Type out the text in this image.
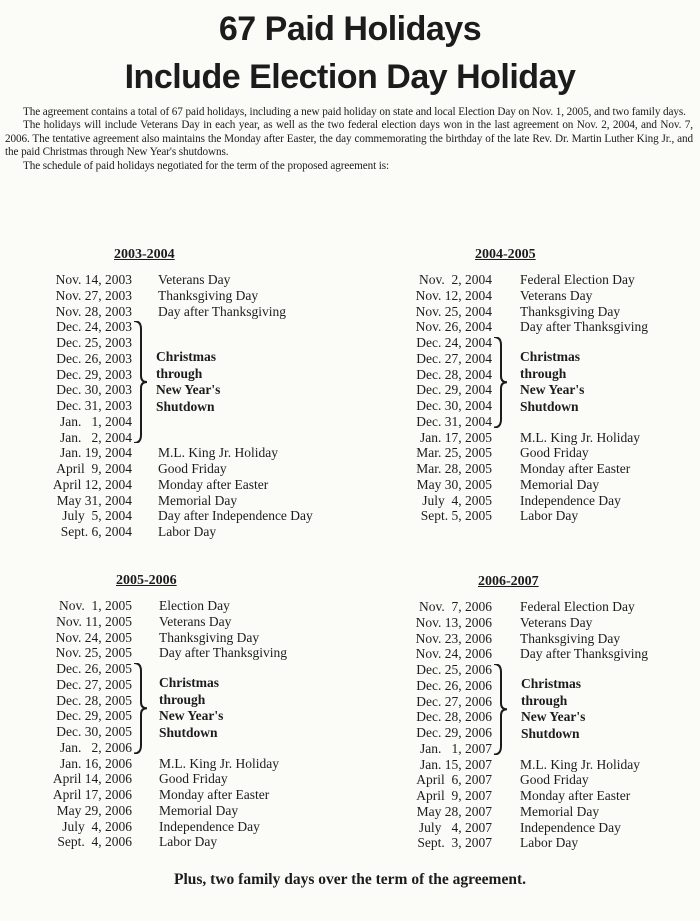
67 Paid Holidays
Include Election Day Holiday

The agreement contains a total of 67 paid holidays, including a new paid holiday on state and local Election Day on Nov. 1, 2005, and two family days.

The holidays will include Veterans Day in each year, as well as the two federal election days won in the last agreement on Nov. 2, 2004, and Nov. 7, 2006. The tentative agreement also maintains the Monday after Easter, the day commemorating the birthday of the late Rev. Dr. Martin Luther King Jr., and the paid Christmas through New Year's shutdowns.

The schedule of paid holidays negotiated for the term of the proposed agreement is:

2003-2004
Nov. 14, 2003 Veterans Day
Nov. 27, 2003 Thanksgiving Day
Nov. 28, 2003 Day after Thanksgiving
Dec. 24, 2003
Dec. 25, 2003
Dec. 26, 2003
Dec. 29, 2003
Dec. 30, 2003
Dec. 31, 2003
Jan.   1, 2004
Jan.   2, 2004
Jan. 19, 2004 M.L. King Jr. Holiday
April  9, 2004 Good Friday
April 12, 2004 Monday after Easter
May 31, 2004 Memorial Day
July  5, 2004 Day after Independence Day
Sept. 6, 2004 Labor Day
Christmas
through
New Year's
Shutdown
2004-2005
Nov.  2, 2004 Federal Election Day
Nov. 12, 2004 Veterans Day
Nov. 25, 2004 Thanksgiving Day
Nov. 26, 2004 Day after Thanksgiving
Dec. 24, 2004
Dec. 27, 2004
Dec. 28, 2004
Dec. 29, 2004
Dec. 30, 2004
Dec. 31, 2004
Jan. 17, 2005 M.L. King Jr. Holiday
Mar. 25, 2005 Good Friday
Mar. 28, 2005 Monday after Easter
May 30, 2005 Memorial Day
July  4, 2005 Independence Day
Sept. 5, 2005 Labor Day
Christmas
through
New Year's
Shutdown
2005-2006
Nov.  1, 2005 Election Day
Nov. 11, 2005 Veterans Day
Nov. 24, 2005 Thanksgiving Day
Nov. 25, 2005 Day after Thanksgiving
Dec. 26, 2005
Dec. 27, 2005
Dec. 28, 2005
Dec. 29, 2005
Dec. 30, 2005
Jan.   2, 2006
Jan. 16, 2006 M.L. King Jr. Holiday
April 14, 2006 Good Friday
April 17, 2006 Monday after Easter
May 29, 2006 Memorial Day
July  4, 2006 Independence Day
Sept.  4, 2006 Labor Day
Christmas
through
New Year's
Shutdown
2006-2007
Nov.  7, 2006 Federal Election Day
Nov. 13, 2006 Veterans Day
Nov. 23, 2006 Thanksgiving Day
Nov. 24, 2006 Day after Thanksgiving
Dec. 25, 2006
Dec. 26, 2006
Dec. 27, 2006
Dec. 28, 2006
Dec. 29, 2006
Jan.   1, 2007
Jan. 15, 2007 M.L. King Jr. Holiday
April  6, 2007 Good Friday
April  9, 2007 Monday after Easter
May 28, 2007 Memorial Day
July   4, 2007 Independence Day
Sept.  3, 2007 Labor Day
Christmas
through
New Year's
Shutdown
Plus, two family days over the term of the agreement.
